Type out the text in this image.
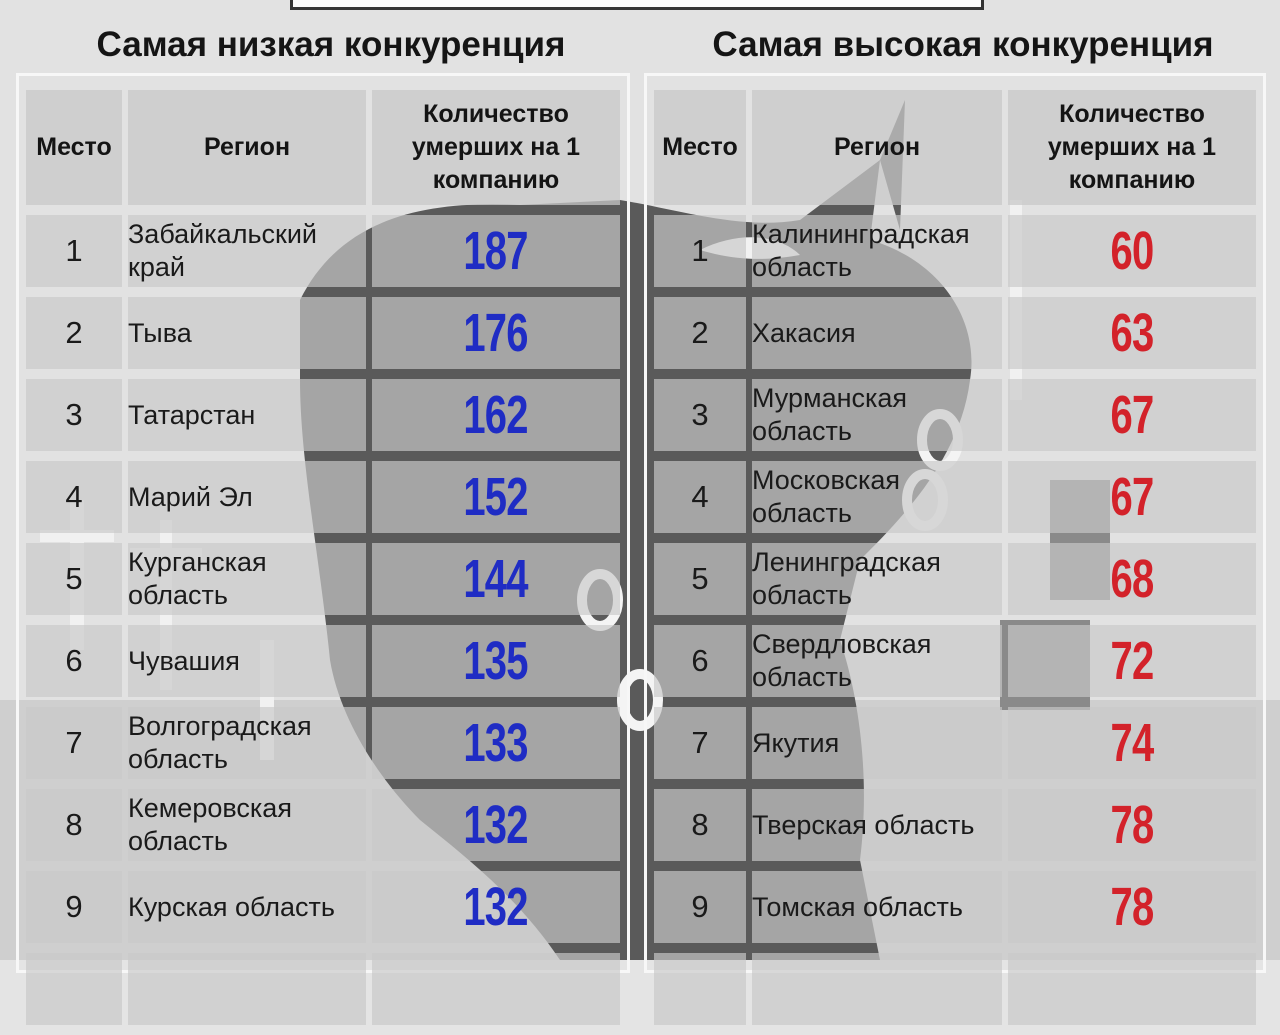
Самая низкая конкуренция
Место	Регион	Количество умерших на 1 компанию
1	Забайкальский край	187
2	Тыва	176
3	Татарстан	162
4	Марий Эл	152
5	Курганская область	144
6	Чувашия	135
7	Волгоградская область	133
8	Кемеровская область	132
9	Курская область	132

Самая высокая конкуренция
Место	Регион	Количество умерших на 1 компанию
1	Калининградская область	60
2	Хакасия	63
3	Мурманская область	67
4	Московская область	67
5	Ленинградская область	68
6	Свердловская область	72
7	Якутия	74
8	Тверская область	78
9	Томская область	78
